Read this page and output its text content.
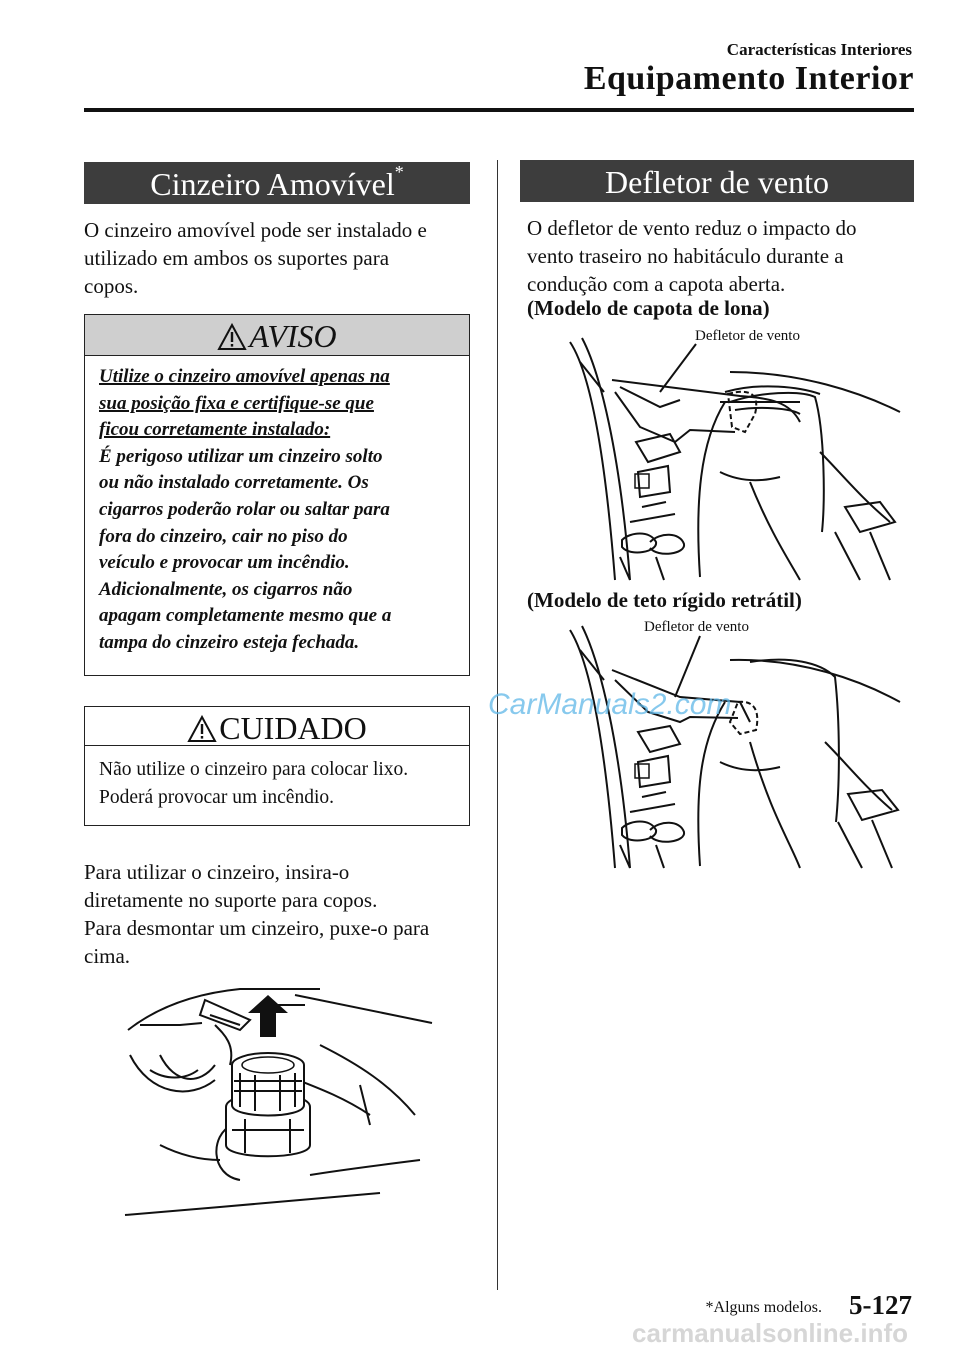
Características Interiores
Equipamento Interior
Cinzeiro Amovível*

O cinzeiro amovível pode ser instalado e

utilizado em ambos os suportes para

copos.

AVISO
Utilize o cinzeiro amovível apenas na
sua posição fixa e certifique-se que
ficou corretamente instalado:
É perigoso utilizar um cinzeiro solto
ou não instalado corretamente. Os
cigarros poderão rolar ou saltar para
fora do cinzeiro, cair no piso do
veículo e provocar um incêndio.
Adicionalmente, os cigarros não
apagam completamente mesmo que a
tampa do cinzeiro esteja fechada.
CUIDADO
Não utilize o cinzeiro para colocar lixo.
Poderá provocar um incêndio.

Para utilizar o cinzeiro, insira-o

diretamente no suporte para copos.

Para desmontar um cinzeiro, puxe-o para

cima.

Defletor de vento

O defletor de vento reduz o impacto do

vento traseiro no habitáculo durante a

condução com a capota aberta.

(Modelo de capota de lona)
Defletor de vento
(Modelo de teto rígido retrátil)
Defletor de vento
*Alguns modelos. 5-127
CarManuals2.com
carmanualsonline.info
